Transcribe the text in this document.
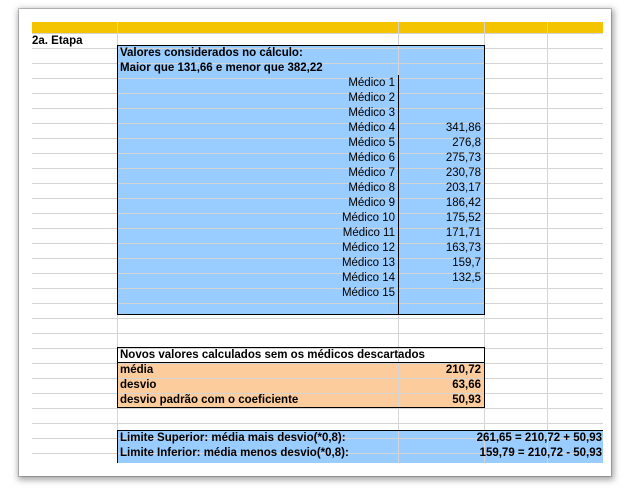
2a. Etapa
Valores considerados no cálculo:
Maior que 131,66 e menor que 382,22
Médico 1
Médico 2
Médico 3
Médico 4	341,86
Médico 5	276,8
Médico 6	275,73
Médico 7	230,78
Médico 8	203,17
Médico 9	186,42
Médico 10	175,52
Médico 11	171,71
Médico 12	163,73
Médico 13	159,7
Médico 14	132,5
Médico 15
Novos valores calculados sem os médicos descartados
média	210,72
desvio	63,66
desvio padrão com o coeficiente	50,93
Limite Superior: média mais desvio(*0,8):	261,65 = 210,72 + 50,93
Limite Inferior: média menos desvio(*0,8):	159,79 = 210,72 - 50,93
